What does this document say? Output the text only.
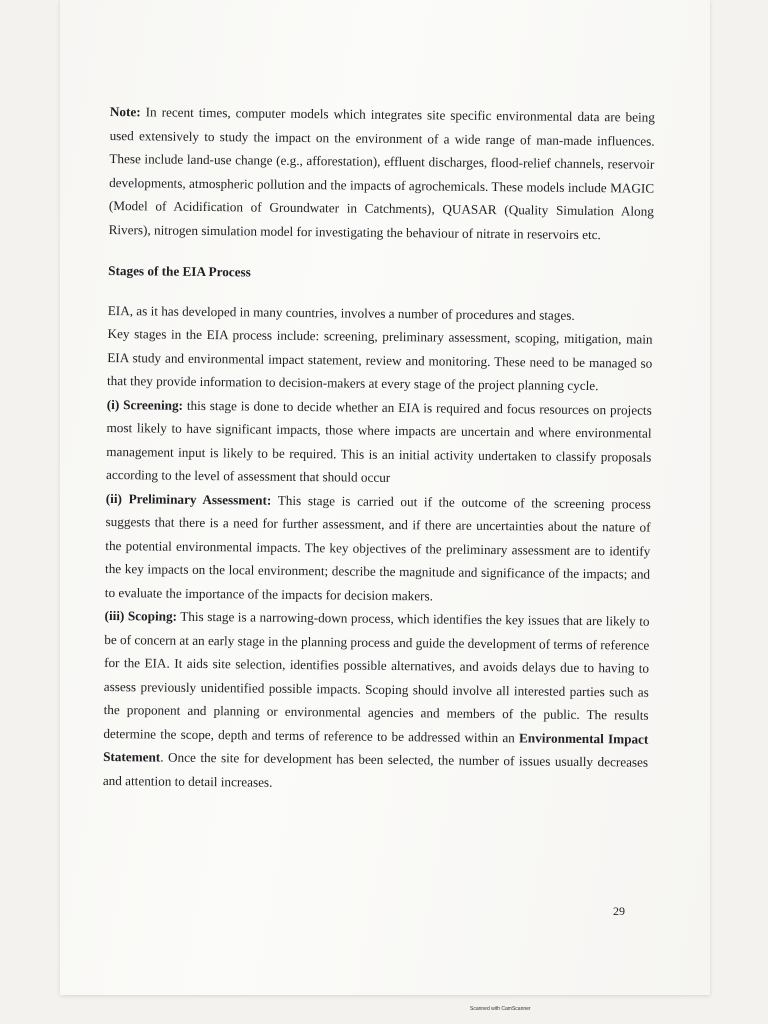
Note: In recent times, computer models which integrates site specific environmental data are being used extensively to study the impact on the environment of a wide range of man-made influences. These include land-use change (e.g., afforestation), effluent discharges, flood-relief channels, reservoir developments, atmospheric pollution and the impacts of agrochemicals. These models include MAGIC (Model of Acidification of Groundwater in Catchments), QUASAR (Quality Simulation Along Rivers), nitrogen simulation model for investigating the behaviour of nitrate in reservoirs etc.

Stages of the EIA Process

EIA, as it has developed in many countries, involves a number of procedures and stages.

Key stages in the EIA process include: screening, preliminary assessment, scoping, mitigation, main EIA study and environmental impact statement, review and monitoring. These need to be managed so that they provide information to decision-makers at every stage of the project planning cycle.

(i) Screening: this stage is done to decide whether an EIA is required and focus resources on projects most likely to have significant impacts, those where impacts are uncertain and where environmental management input is likely to be required. This is an initial activity undertaken to classify proposals according to the level of assessment that should occur

(ii) Preliminary Assessment: This stage is carried out if the outcome of the screening process suggests that there is a need for further assessment, and if there are uncertainties about the nature of the potential environmental impacts. The key objectives of the preliminary assessment are to identify the key impacts on the local environment; describe the magnitude and significance of the impacts; and to evaluate the importance of the impacts for decision makers.

(iii) Scoping: This stage is a narrowing-down process, which identifies the key issues that are likely to be of concern at an early stage in the planning process and guide the development of terms of reference for the EIA. It aids site selection, identifies possible alternatives, and avoids delays due to having to assess previously unidentified possible impacts. Scoping should involve all interested parties such as the proponent and planning or environmental agencies and members of the public. The results determine the scope, depth and terms of reference to be addressed within an Environmental Impact Statement. Once the site for development has been selected, the number of issues usually decreases and attention to detail increases.

29
Scanned with CamScanner
